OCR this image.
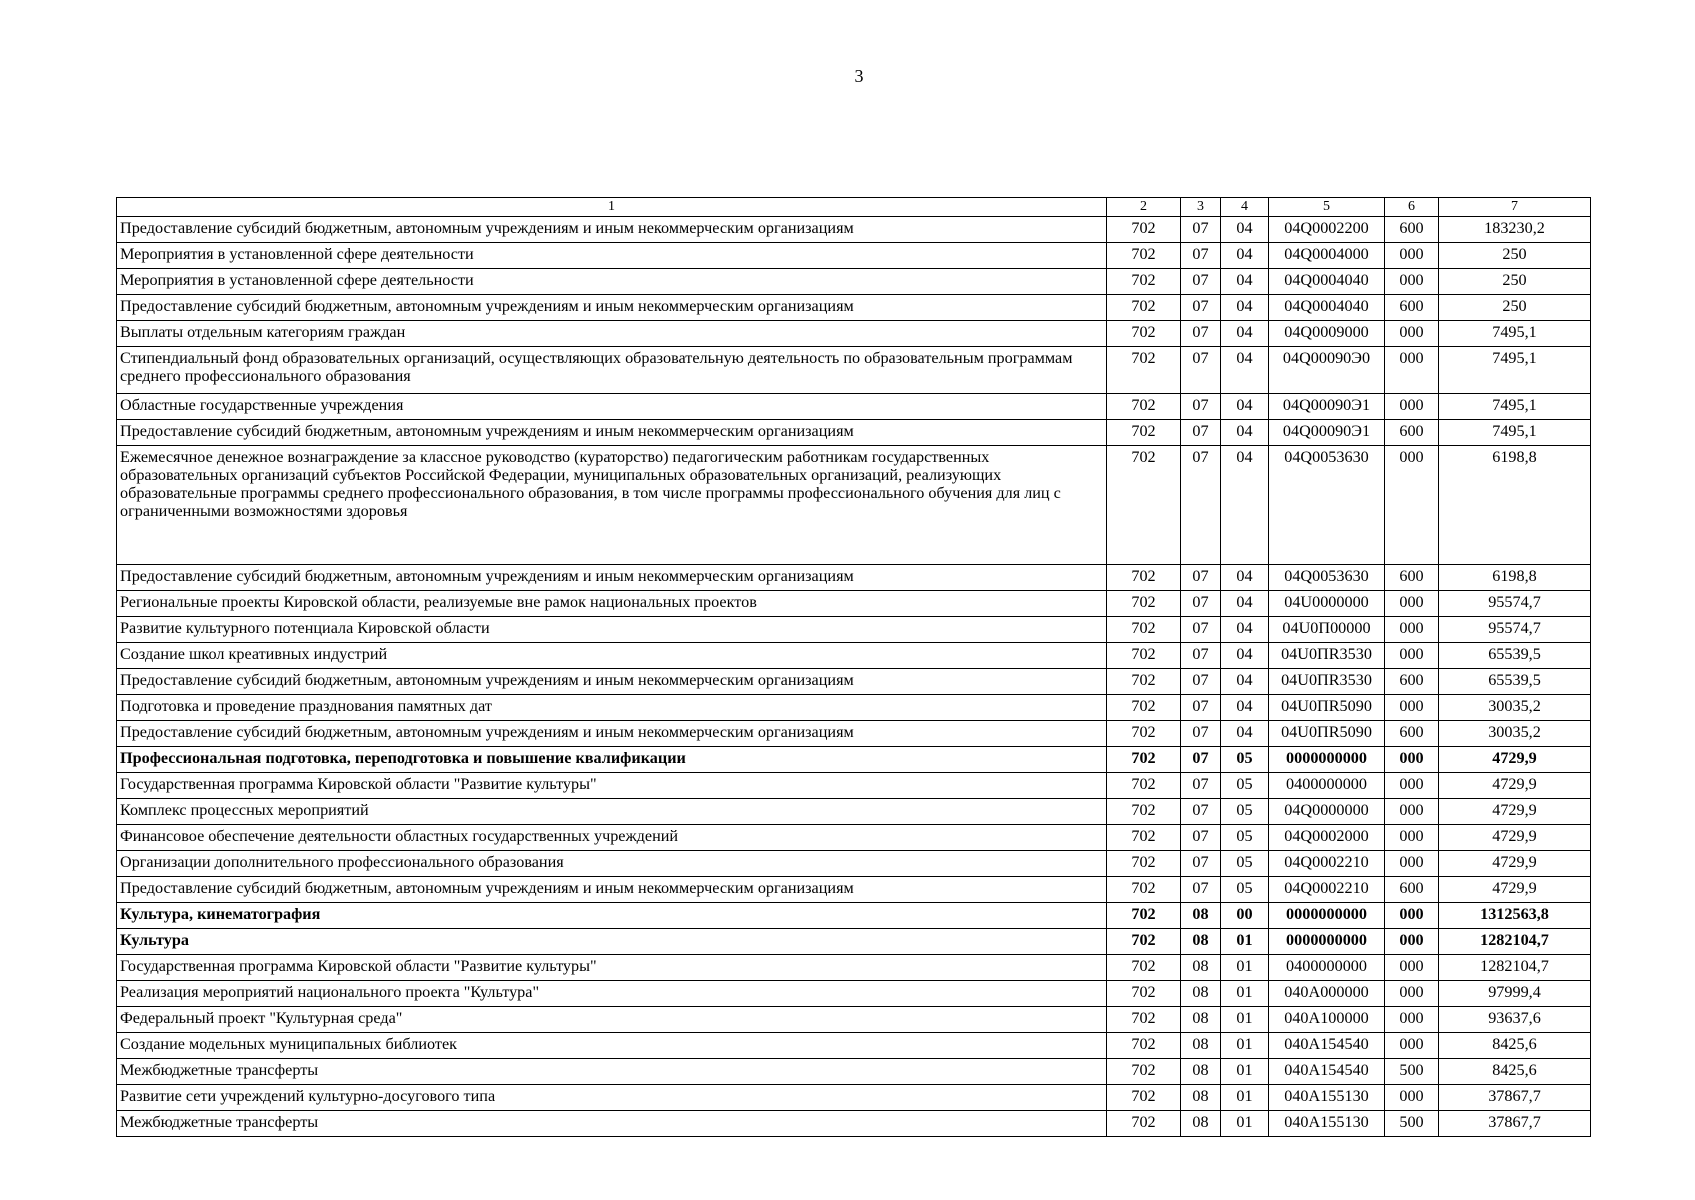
3
1	2	3	4	5	6	7
Предоставление субсидий бюджетным, автономным учреждениям и иным некоммерческим организациям	702	07	04	04Q0002200	600	183230,2
Мероприятия в установленной сфере деятельности	702	07	04	04Q0004000	000	250
Мероприятия в установленной сфере деятельности	702	07	04	04Q0004040	000	250
Предоставление субсидий бюджетным, автономным учреждениям и иным некоммерческим организациям	702	07	04	04Q0004040	600	250
Выплаты отдельным категориям граждан	702	07	04	04Q0009000	000	7495,1
Стипендиальный фонд образовательных организаций, осуществляющих образовательную деятельность по образовательным программам среднего профессионального образования	702	07	04	04Q00090Э0	000	7495,1
Областные государственные учреждения	702	07	04	04Q00090Э1	000	7495,1
Предоставление субсидий бюджетным, автономным учреждениям и иным некоммерческим организациям	702	07	04	04Q00090Э1	600	7495,1
Ежемесячное денежное вознаграждение за классное руководство (кураторство) педагогическим работникам государственных образовательных организаций субъектов Российской Федерации, муниципальных образовательных организаций, реализующих образовательные программы среднего профессионального образования, в том числе программы профессионального обучения для лиц с ограниченными возможностями здоровья	702	07	04	04Q0053630	000	6198,8
Предоставление субсидий бюджетным, автономным учреждениям и иным некоммерческим организациям	702	07	04	04Q0053630	600	6198,8
Региональные проекты Кировской области, реализуемые вне рамок национальных проектов	702	07	04	04U0000000	000	95574,7
Развитие культурного потенциала Кировской области	702	07	04	04U0П00000	000	95574,7
Создание школ креативных индустрий	702	07	04	04U0ПR3530	000	65539,5
Предоставление субсидий бюджетным, автономным учреждениям и иным некоммерческим организациям	702	07	04	04U0ПR3530	600	65539,5
Подготовка и проведение празднования памятных дат	702	07	04	04U0ПR5090	000	30035,2
Предоставление субсидий бюджетным, автономным учреждениям и иным некоммерческим организациям	702	07	04	04U0ПR5090	600	30035,2
Профессиональная подготовка, переподготовка и повышение квалификации	702	07	05	0000000000	000	4729,9
Государственная программа Кировской области "Развитие культуры"	702	07	05	0400000000	000	4729,9
Комплекс процессных мероприятий	702	07	05	04Q0000000	000	4729,9
Финансовое обеспечение деятельности областных государственных учреждений	702	07	05	04Q0002000	000	4729,9
Организации дополнительного профессионального образования	702	07	05	04Q0002210	000	4729,9
Предоставление субсидий бюджетным, автономным учреждениям и иным некоммерческим организациям	702	07	05	04Q0002210	600	4729,9
Культура, кинематография	702	08	00	0000000000	000	1312563,8
Культура	702	08	01	0000000000	000	1282104,7
Государственная программа Кировской области "Развитие культуры"	702	08	01	0400000000	000	1282104,7
Реализация мероприятий национального проекта "Культура"	702	08	01	040А000000	000	97999,4
Федеральный проект "Культурная среда"	702	08	01	040А100000	000	93637,6
Создание модельных муниципальных библиотек	702	08	01	040А154540	000	8425,6
Межбюджетные трансферты	702	08	01	040А154540	500	8425,6
Развитие сети учреждений культурно-досугового типа	702	08	01	040А155130	000	37867,7
Межбюджетные трансферты	702	08	01	040А155130	500	37867,7
